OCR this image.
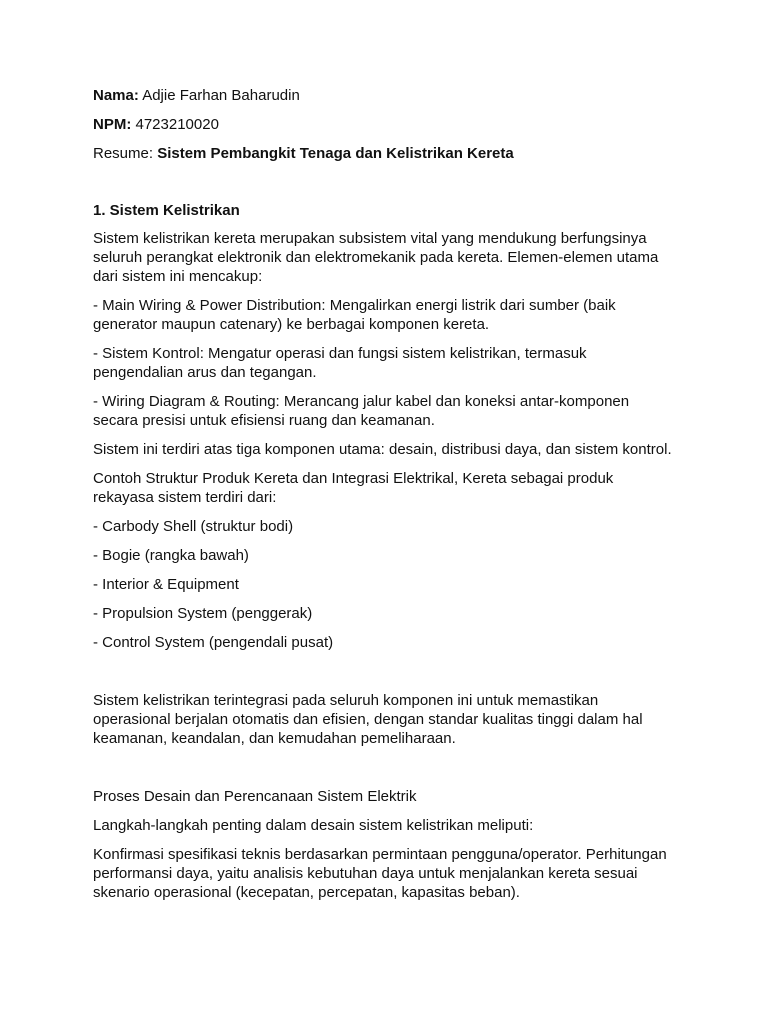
Nama: Adjie Farhan Baharudin

NPM: 4723210020

Resume: Sistem Pembangkit Tenaga dan Kelistrikan Kereta

1. Sistem Kelistrikan

Sistem kelistrikan kereta merupakan subsistem vital yang mendukung berfungsinya seluruh perangkat elektronik dan elektromekanik pada kereta. Elemen-elemen utama dari sistem ini mencakup:

- Main Wiring & Power Distribution: Mengalirkan energi listrik dari sumber (baik generator maupun catenary) ke berbagai komponen kereta.

- Sistem Kontrol: Mengatur operasi dan fungsi sistem kelistrikan, termasuk pengendalian arus dan tegangan.

- Wiring Diagram & Routing: Merancang jalur kabel dan koneksi antar-komponen secara presisi untuk efisiensi ruang dan keamanan.

Sistem ini terdiri atas tiga komponen utama: desain, distribusi daya, dan sistem kontrol.

Contoh Struktur Produk Kereta dan Integrasi Elektrikal, Kereta sebagai produk rekayasa sistem terdiri dari:

- Carbody Shell (struktur bodi)

- Bogie (rangka bawah)

- Interior & Equipment

- Propulsion System (penggerak)

- Control System (pengendali pusat)

Sistem kelistrikan terintegrasi pada seluruh komponen ini untuk memastikan operasional berjalan otomatis dan efisien, dengan standar kualitas tinggi dalam hal keamanan, keandalan, dan kemudahan pemeliharaan.

Proses Desain dan Perencanaan Sistem Elektrik

Langkah-langkah penting dalam desain sistem kelistrikan meliputi:

Konfirmasi spesifikasi teknis berdasarkan permintaan pengguna/operator. Perhitungan performansi daya, yaitu analisis kebutuhan daya untuk menjalankan kereta sesuai skenario operasional (kecepatan, percepatan, kapasitas beban).
